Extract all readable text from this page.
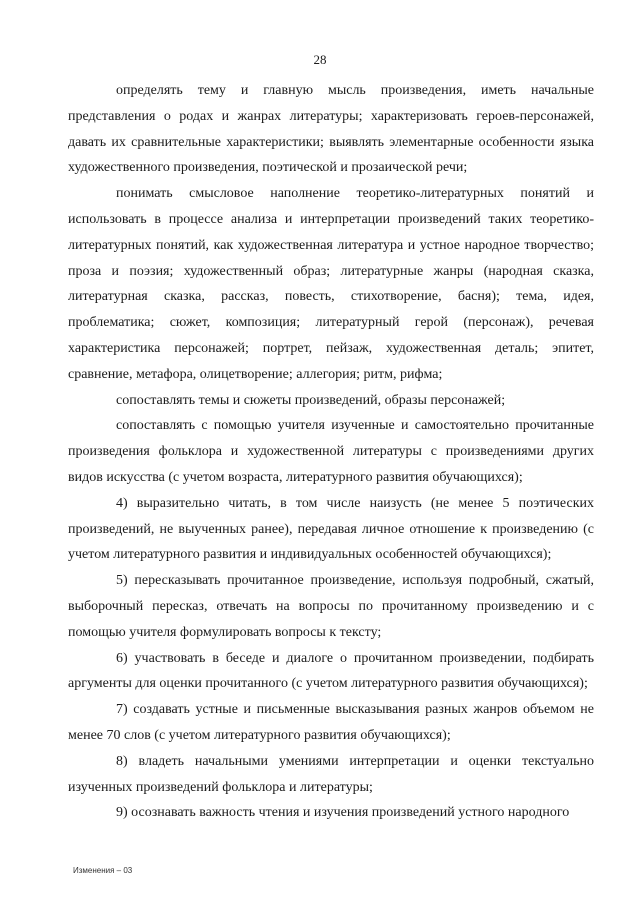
28

определять тему и главную мысль произведения, иметь начальные представления о родах и жанрах литературы; характеризовать героев-персонажей, давать их сравнительные характеристики; выявлять элементарные особенности языка художественного произведения, поэтической и прозаической речи;

понимать смысловое наполнение теоретико-литературных понятий и использовать в процессе анализа и интерпретации произведений таких теоретико-литературных понятий, как художественная литература и устное народное творчество; проза и поэзия; художественный образ; литературные жанры (народная сказка, литературная сказка, рассказ, повесть, стихотворение, басня); тема, идея, проблематика; сюжет, композиция; литературный герой (персонаж), речевая характеристика персонажей; портрет, пейзаж, художественная деталь; эпитет, сравнение, метафора, олицетворение; аллегория; ритм, рифма;

сопоставлять темы и сюжеты произведений, образы персонажей;

сопоставлять с помощью учителя изученные и самостоятельно прочитанные произведения фольклора и художественной литературы с произведениями других видов искусства (с учетом возраста, литературного развития обучающихся);

4) выразительно читать, в том числе наизусть (не менее 5 поэтических произведений, не выученных ранее), передавая личное отношение к произведению (с учетом литературного развития и индивидуальных особенностей обучающихся);

5) пересказывать прочитанное произведение, используя подробный, сжатый, выборочный пересказ, отвечать на вопросы по прочитанному произведению и с помощью учителя формулировать вопросы к тексту;

6) участвовать в беседе и диалоге о прочитанном произведении, подбирать аргументы для оценки прочитанного (с учетом литературного развития обучающихся);

7) создавать устные и письменные высказывания разных жанров объемом не менее 70 слов (с учетом литературного развития обучающихся);

8) владеть начальными умениями интерпретации и оценки текстуально изученных произведений фольклора и литературы;

9) осознавать важность чтения и изучения произведений устного народного

Изменения – 03
